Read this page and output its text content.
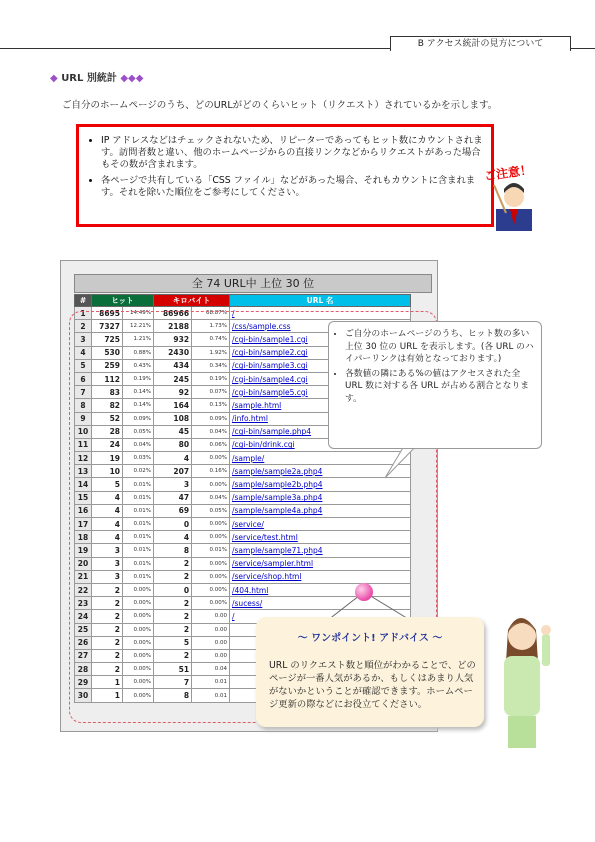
B アクセス統計の見方について
◆ URL 別統計 ◆◆◆
ご自分のホームページのうち、どのURLがどのくらいヒット（リクエスト）されているかを示します。
• IP アドレスなどはチェックされないため、リピーターであってもヒット数にカウントされます。訪問者数と違い、他のホームページからの直接リンクなどからリクエストがあった場合もその数が含まれます。
• 各ページで共有している「CSS ファイル」などがあった場合、それもカウントに含まれます。それを除いた順位をご参考にしてください。
ご注意！
全 74 URL中 上位 30 位
#	ヒット		キロバイト		URL 名
1	8695	14.49%	86966	68.87%	/
2	7327	12.21%	2188	1.73%	/css/sample.css
3	725	1.21%	932	0.74%	/cgi-bin/sample1.cgi
4	530	0.88%	2430	1.92%	/cgi-bin/sample2.cgi
5	259	0.43%	434	0.34%	/cgi-bin/sample3.cgi
6	112	0.19%	245	0.19%	/cgi-bin/sample4.cgi
7	83	0.14%	92	0.07%	/cgi-bin/sample5.cgi
8	82	0.14%	164	0.13%	/sample.html
9	52	0.09%	108	0.09%	/info.html
10	28	0.05%	45	0.04%	/cgi-bin/sample.php4
11	24	0.04%	80	0.06%	/cgi-bin/drink.cgi
12	19	0.03%	4	0.00%	/sample/
13	10	0.02%	207	0.16%	/sample/sample2a.php4
14	5	0.01%	3	0.00%	/sample/sample2b.php4
15	4	0.01%	47	0.04%	/sample/sample3a.php4
16	4	0.01%	69	0.05%	/sample/sample4a.php4
17	4	0.01%	0	0.00%	/service/
18	4	0.01%	4	0.00%	/service/test.html
19	3	0.01%	8	0.01%	/sample/sample71.php4
20	3	0.01%	2	0.00%	/service/sampler.html
21	3	0.01%	2	0.00%	/service/shop.html
22	2	0.00%	0	0.00%	/404.html
23	2	0.00%	2	0.00%	/sucess/
24	2	0.00%	2	0.00	/
25	2	0.00%	2	0.00	
26	2	0.00%	5	0.00	
27	2	0.00%	2	0.00	
28	2	0.00%	51	0.04	
29	1	0.00%	7	0.01	
30	1	0.00%	8	0.01	
• ご自分のホームページのうち、ヒット数の多い上位 30 位の URL を表示します。(各 URL のハイパーリンクは有効となっております。)
• 各数値の隣にある%の値はアクセスされた全 URL 数に対する各 URL が占める割合となります。
～ ワンポイント! アドバイス ～
URL のリクエスト数と順位がわかることで、どのページが一番人気があるか、もしくはあまり人気がないかということが確認できます。ホームページ更新の際などにお役立てください。
